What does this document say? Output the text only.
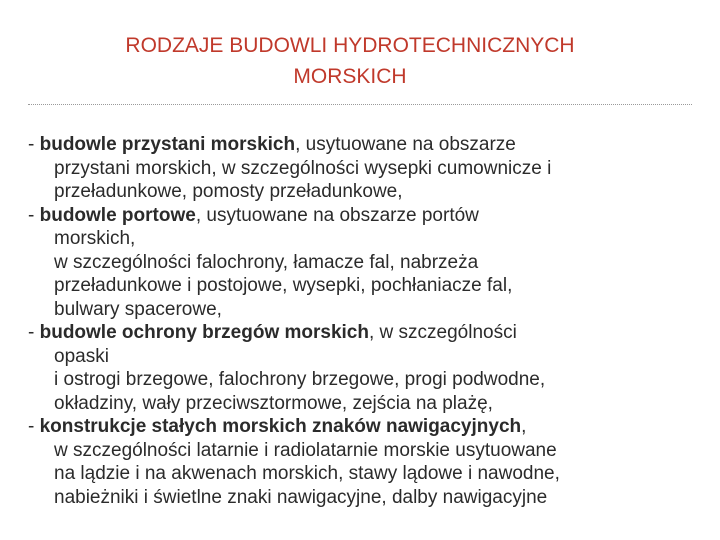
RODZAJE BUDOWLI HYDROTECHNICZNYCH
MORSKICH
- budowle przystani morskich, usytuowane na obszarze
przystani morskich, w szczególności wysepki cumownicze i
przeładunkowe, pomosty przeładunkowe,
- budowle portowe, usytuowane na obszarze portów
morskich,
w szczególności falochrony, łamacze fal, nabrzeża
przeładunkowe i postojowe, wysepki, pochłaniacze fal,
bulwary spacerowe,
- budowle ochrony brzegów morskich, w szczególności
opaski
i ostrogi brzegowe, falochrony brzegowe, progi podwodne,
okładziny, wały przeciwsztormowe, zejścia na plażę,
- konstrukcje stałych morskich znaków nawigacyjnych,
w szczególności latarnie i radiolatarnie morskie usytuowane
na lądzie i na akwenach morskich, stawy lądowe i nawodne,
nabieżniki i świetlne znaki nawigacyjne, dalby nawigacyjne
